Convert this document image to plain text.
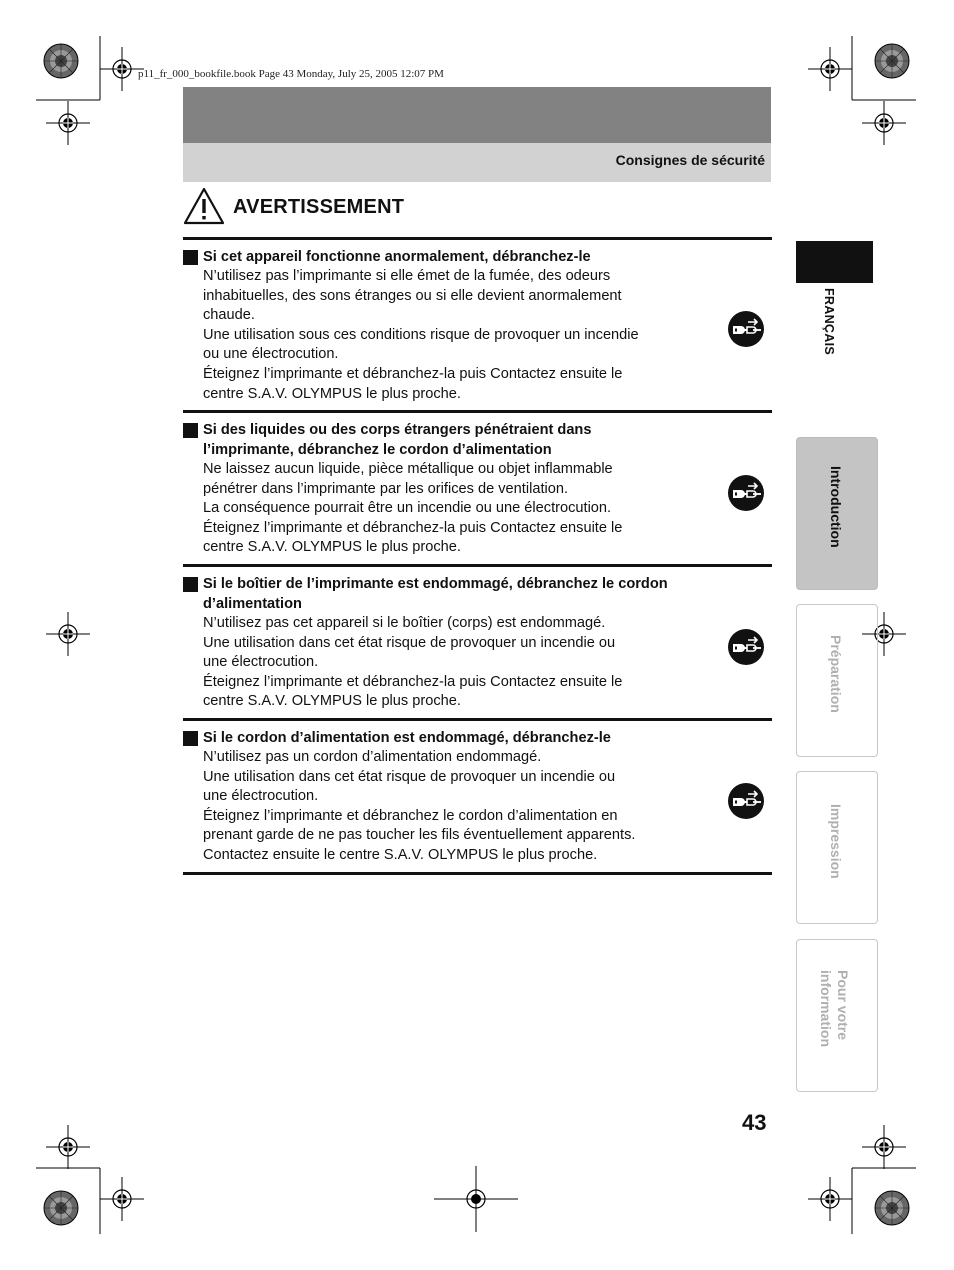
p11_fr_000_bookfile.book Page 43 Monday, July 25, 2005 12:07 PM
Consignes de sécurité
AVERTISSEMENT
Si cet appareil fonctionne anormalement, débranchez-le
N’utilisez pas l’imprimante si elle émet de la fumée, des odeurs
inhabituelles, des sons étranges ou si elle devient anormalement
chaude.
Une utilisation sous ces conditions risque de provoquer un incendie
ou une électrocution.
Éteignez l’imprimante et débranchez-la puis Contactez ensuite le
centre S.A.V. OLYMPUS le plus proche.
Si des liquides ou des corps étrangers pénétraient dans l’imprimante, débranchez le cordon d’alimentation
Ne laissez aucun liquide, pièce métallique ou objet inflammable
pénétrer dans l’imprimante par les orifices de ventilation.
La conséquence pourrait être un incendie ou une électrocution.
Éteignez l’imprimante et débranchez-la puis Contactez ensuite le
centre S.A.V. OLYMPUS le plus proche.
Si le boîtier de l’imprimante est endommagé, débranchez le cordon d’alimentation
N’utilisez pas cet appareil si le boîtier (corps) est endommagé.
Une utilisation dans cet état risque de provoquer un incendie ou
une électrocution.
Éteignez l’imprimante et débranchez-la puis Contactez ensuite le
centre S.A.V. OLYMPUS le plus proche.
Si le cordon d’alimentation est endommagé, débranchez-le
N’utilisez pas un cordon d’alimentation endommagé.
Une utilisation dans cet état risque de provoquer un incendie ou
une électrocution.
Éteignez l’imprimante et débranchez le cordon d’alimentation en
prenant garde de ne pas toucher les fils éventuellement apparents.
Contactez ensuite le centre S.A.V. OLYMPUS le plus proche.
FRANÇAIS
Introduction
Préparation
Impression
Pour votre information
43
